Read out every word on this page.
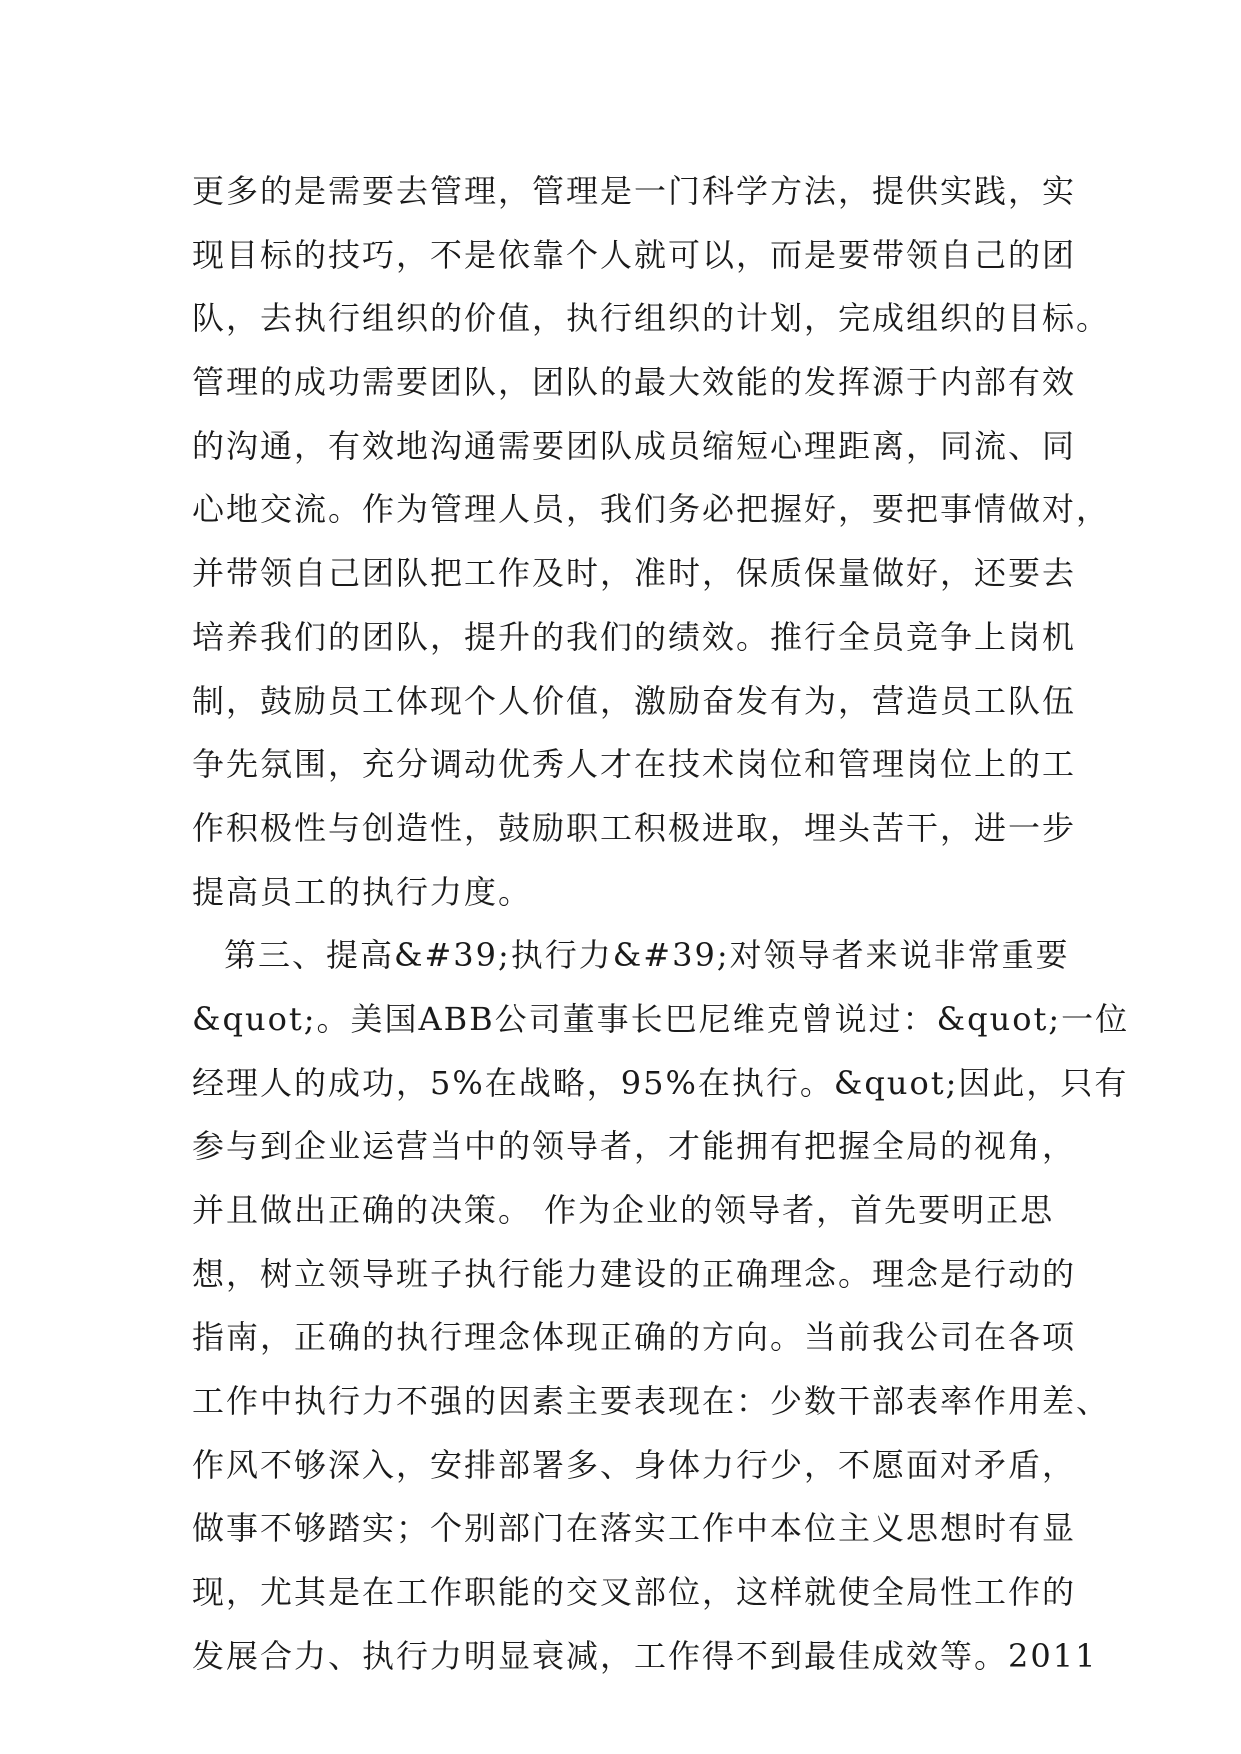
更多的是需要去管理，管理是一门科学方法，提供实践，实
现目标的技巧，不是依靠个人就可以，而是要带领自己的团
队，去执行组织的价值，执行组织的计划，完成组织的目标。
管理的成功需要团队，团队的最大效能的发挥源于内部有效
的沟通，有效地沟通需要团队成员缩短心理距离，同流、同
心地交流。作为管理人员，我们务必把握好，要把事情做对，
并带领自己团队把工作及时，准时，保质保量做好，还要去
培养我们的团队，提升的我们的绩效。推行全员竞争上岗机
制，鼓励员工体现个人价值，激励奋发有为，营造员工队伍
争先氛围，充分调动优秀人才在技术岗位和管理岗位上的工
作积极性与创造性，鼓励职工积极进取，埋头苦干，进一步
提高员工的执行力度。
第三、提高&#39;执行力&#39;对领导者来说非常重要
&quot;。美国ABB公司董事长巴尼维克曾说过：&quot;一位
经理人的成功，5%在战略，95%在执行。&quot;因此，只有
参与到企业运营当中的领导者，才能拥有把握全局的视角，
并且做出正确的决策。 作为企业的领导者，首先要明正思
想，树立领导班子执行能力建设的正确理念。理念是行动的
指南，正确的执行理念体现正确的方向。当前我公司在各项
工作中执行力不强的因素主要表现在：少数干部表率作用差、
作风不够深入，安排部署多、身体力行少，不愿面对矛盾，
做事不够踏实；个别部门在落实工作中本位主义思想时有显
现，尤其是在工作职能的交叉部位，这样就使全局性工作的
发展合力、执行力明显衰减，工作得不到最佳成效等。2011
